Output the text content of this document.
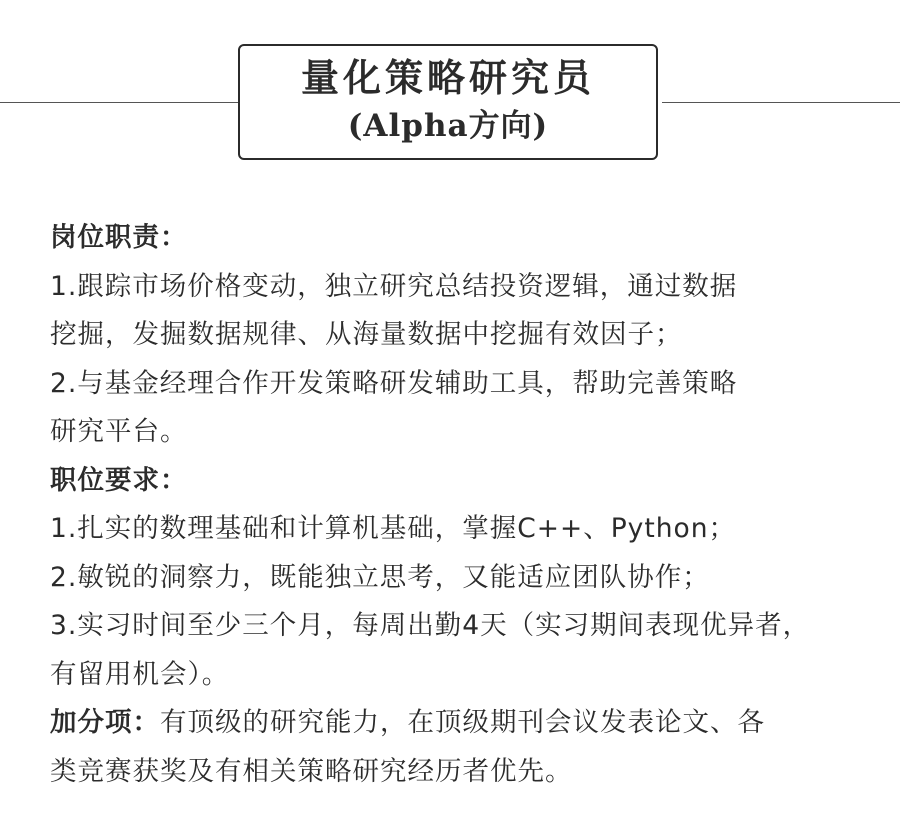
量化策略研究员
(Alpha方向)
岗位职责：
1.跟踪市场价格变动，独立研究总结投资逻辑，通过数据
挖掘，发掘数据规律、从海量数据中挖掘有效因子；
2.与基金经理合作开发策略研发辅助工具，帮助完善策略
研究平台。
职位要求：
1.扎实的数理基础和计算机基础，掌握C++、Python；
2.敏锐的洞察力，既能独立思考，又能适应团队协作；
3.实习时间至少三个月，每周出勤4天（实习期间表现优异者，
有留用机会）。
加分项：有顶级的研究能力，在顶级期刊会议发表论文、各
类竞赛获奖及有相关策略研究经历者优先。
